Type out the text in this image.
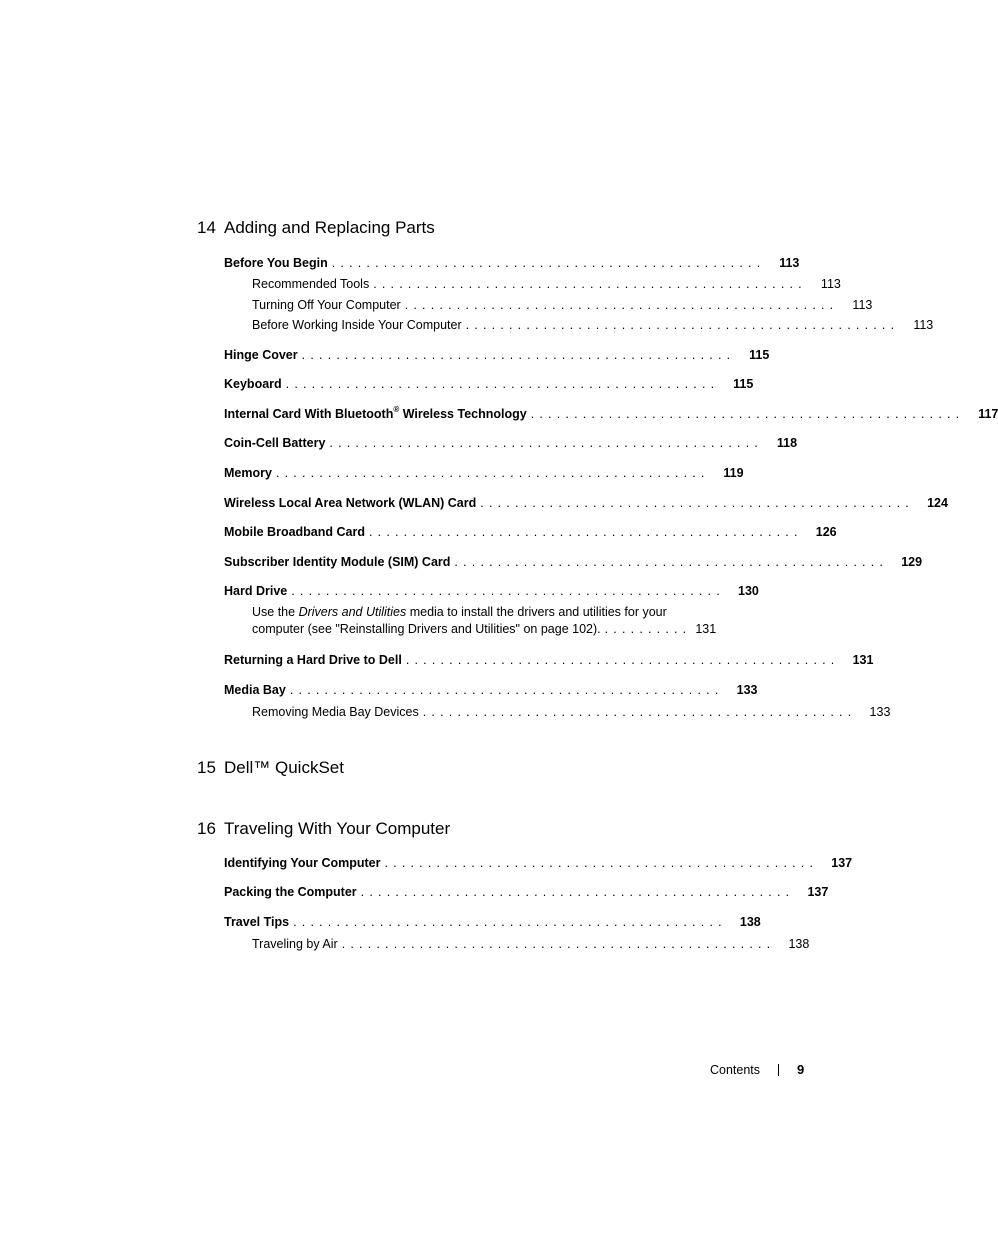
14 Adding and Replacing Parts
Before You Begin ..................................................	113
Recommended Tools ..................................................	113
Turning Off Your Computer ..................................................	113
Before Working Inside Your Computer ..................................................	113
Hinge Cover ..................................................	115
Keyboard ..................................................	115
Internal Card With Bluetooth® Wireless Technology ..................................................	117
Coin-Cell Battery ..................................................	118
Memory ..................................................	119
Wireless Local Area Network (WLAN) Card ..................................................	124
Mobile Broadband Card ..................................................	126
Subscriber Identity Module (SIM) Card ..................................................	129
Hard Drive ..................................................	130
Use the Drivers and Utilities media to install the drivers and utilities for your
computer (see "Reinstalling Drivers and Utilities" on page 102). .......... 131
Returning a Hard Drive to Dell ..................................................	131
Media Bay ..................................................	133
Removing Media Bay Devices ..................................................	133
15 Dell™ QuickSet
16 Traveling With Your Computer
Identifying Your Computer ..................................................	137
Packing the Computer ..................................................	137
Travel Tips ..................................................	138
Traveling by Air ..................................................	138
Contents	9
